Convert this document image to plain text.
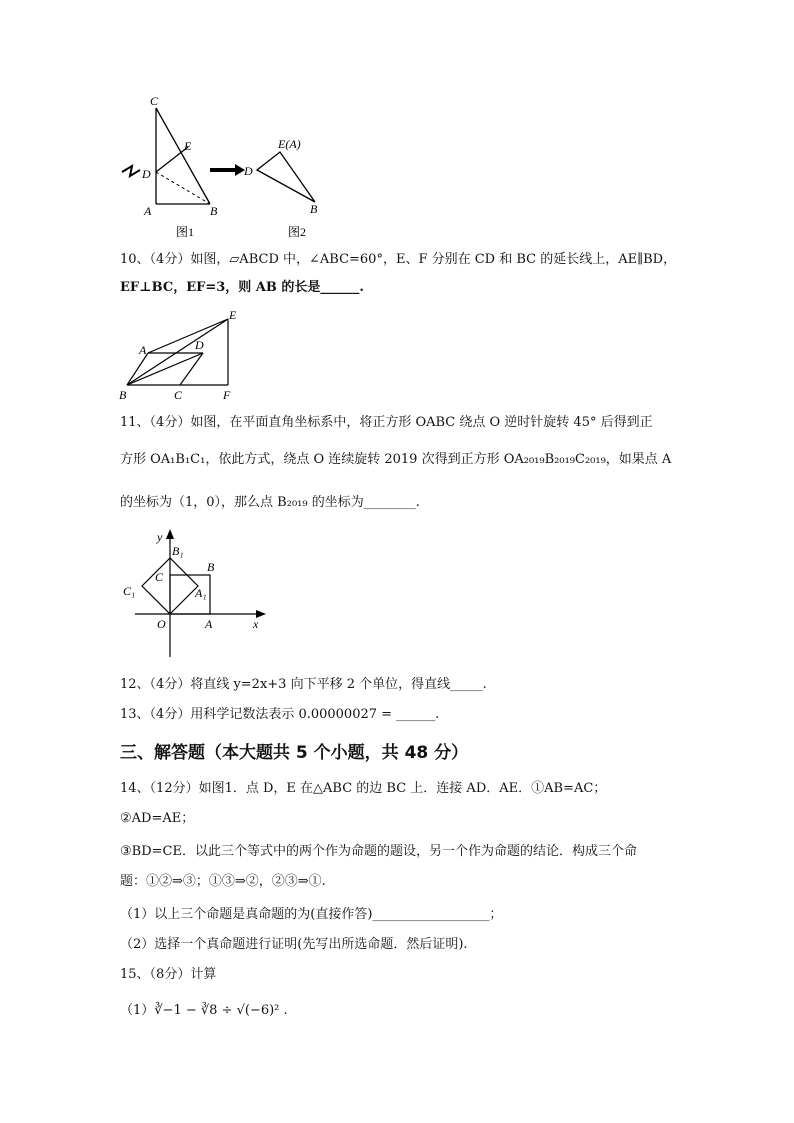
C
E
D
A	B
E(A)
D
B
图1	图2
10、（4分）如图，▱ABCD 中，∠ABC=60°，E、F 分别在 CD 和 BC 的延长线上，AE∥BD，
EF⊥BC，EF=3，则 AB 的长是______.
A	D
E
B	C	F
11、（4分）如图，在平面直角坐标系中，将正方形 OABC 绕点 O 逆时针旋转 45° 后得到正
方形 OA₁B₁C₁，依此方式，绕点 O 连续旋转 2019 次得到正方形 OA₂₀₁₉B₂₀₁₉C₂₀₁₉，如果点 A
的坐标为（1，0），那么点 B₂₀₁₉ 的坐标为________.
y
B₁
B
C
C₁	A₁
O	A	x
12、（4分）将直线 y=2x+3 向下平移 2 个单位，得直线_____.
13、（4分）用科学记数法表示 0.00000027 = ______.
三、解答题（本大题共 5 个小题，共 48 分）
14、（12分）如图1．点 D，E 在△ABC 的边 BC 上．连接 AD．AE．①AB=AC；
②AD=AE；
③BD=CE．以此三个等式中的两个作为命题的题设，另一个作为命题的结论．构成三个命
题：①②⇒③；①③⇒②，②③⇒①.
（1）以上三个命题是真命题的为(直接作答)__________________；
（2）选择一个真命题进行证明(先写出所选命题．然后证明).
15、（8分）计算
（1）∛−1 − ∛8 ÷ √(−6)² .
